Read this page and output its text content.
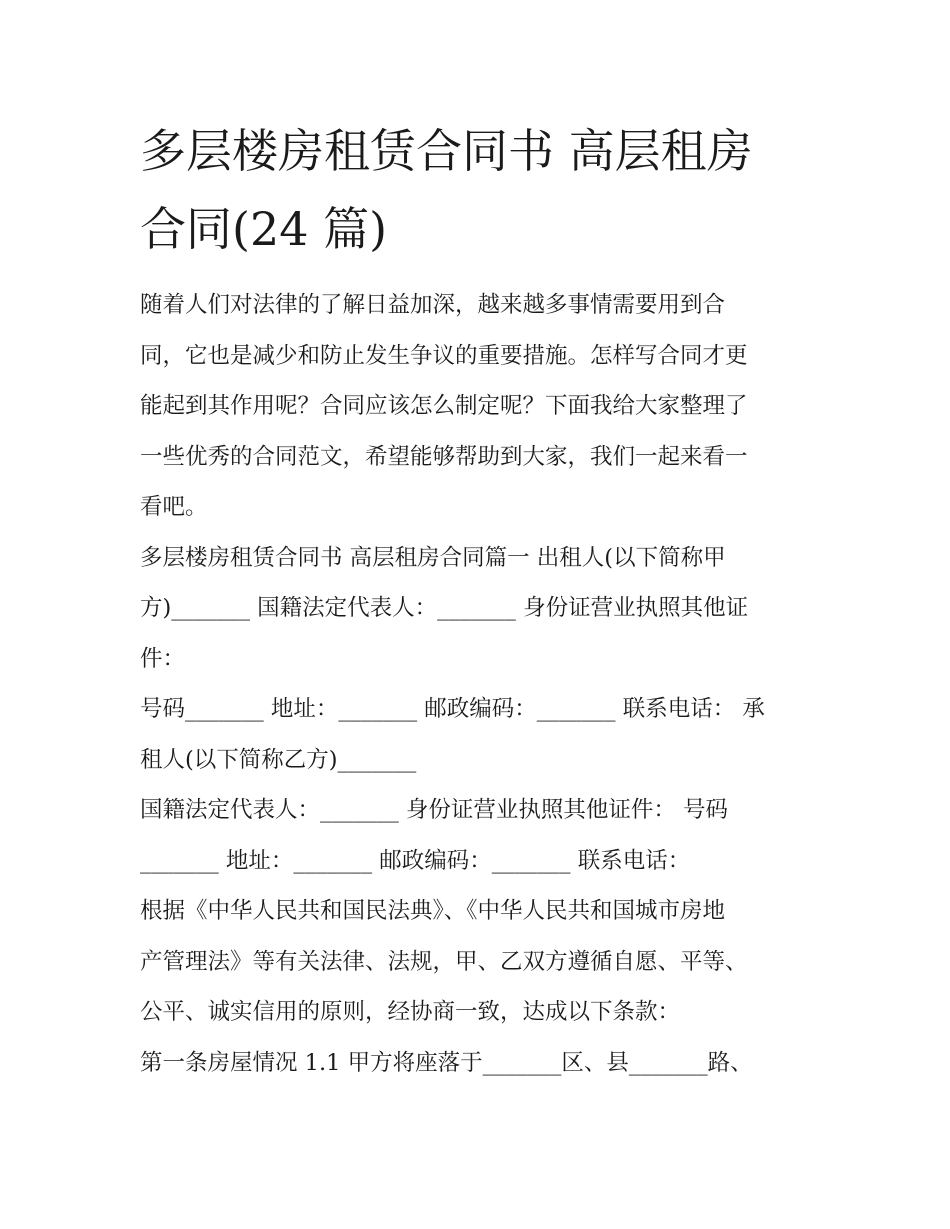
多层楼房租赁合同书 高层租房
合同(24 篇)
随着人们对法律的了解日益加深，越来越多事情需要用到合
同，它也是减少和防止发生争议的重要措施。怎样写合同才更
能起到其作用呢？合同应该怎么制定呢？下面我给大家整理了
一些优秀的合同范文，希望能够帮助到大家，我们一起来看一
看吧。
多层楼房租赁合同书 高层租房合同篇一 出租人(以下简称甲
方)_______ 国籍法定代表人：_______ 身份证营业执照其他证
件：
号码_______ 地址：_______ 邮政编码：_______ 联系电话： 承
租人(以下简称乙方)_______
国籍法定代表人：_______ 身份证营业执照其他证件： 号码
_______ 地址：_______ 邮政编码：_______ 联系电话：
根据《中华人民共和国民法典》、《中华人民共和国城市房地
产管理法》等有关法律、法规，甲、乙双方遵循自愿、平等、
公平、诚实信用的原则，经协商一致，达成以下条款：
第一条房屋情况 1.1 甲方将座落于_______区、县_______路、
